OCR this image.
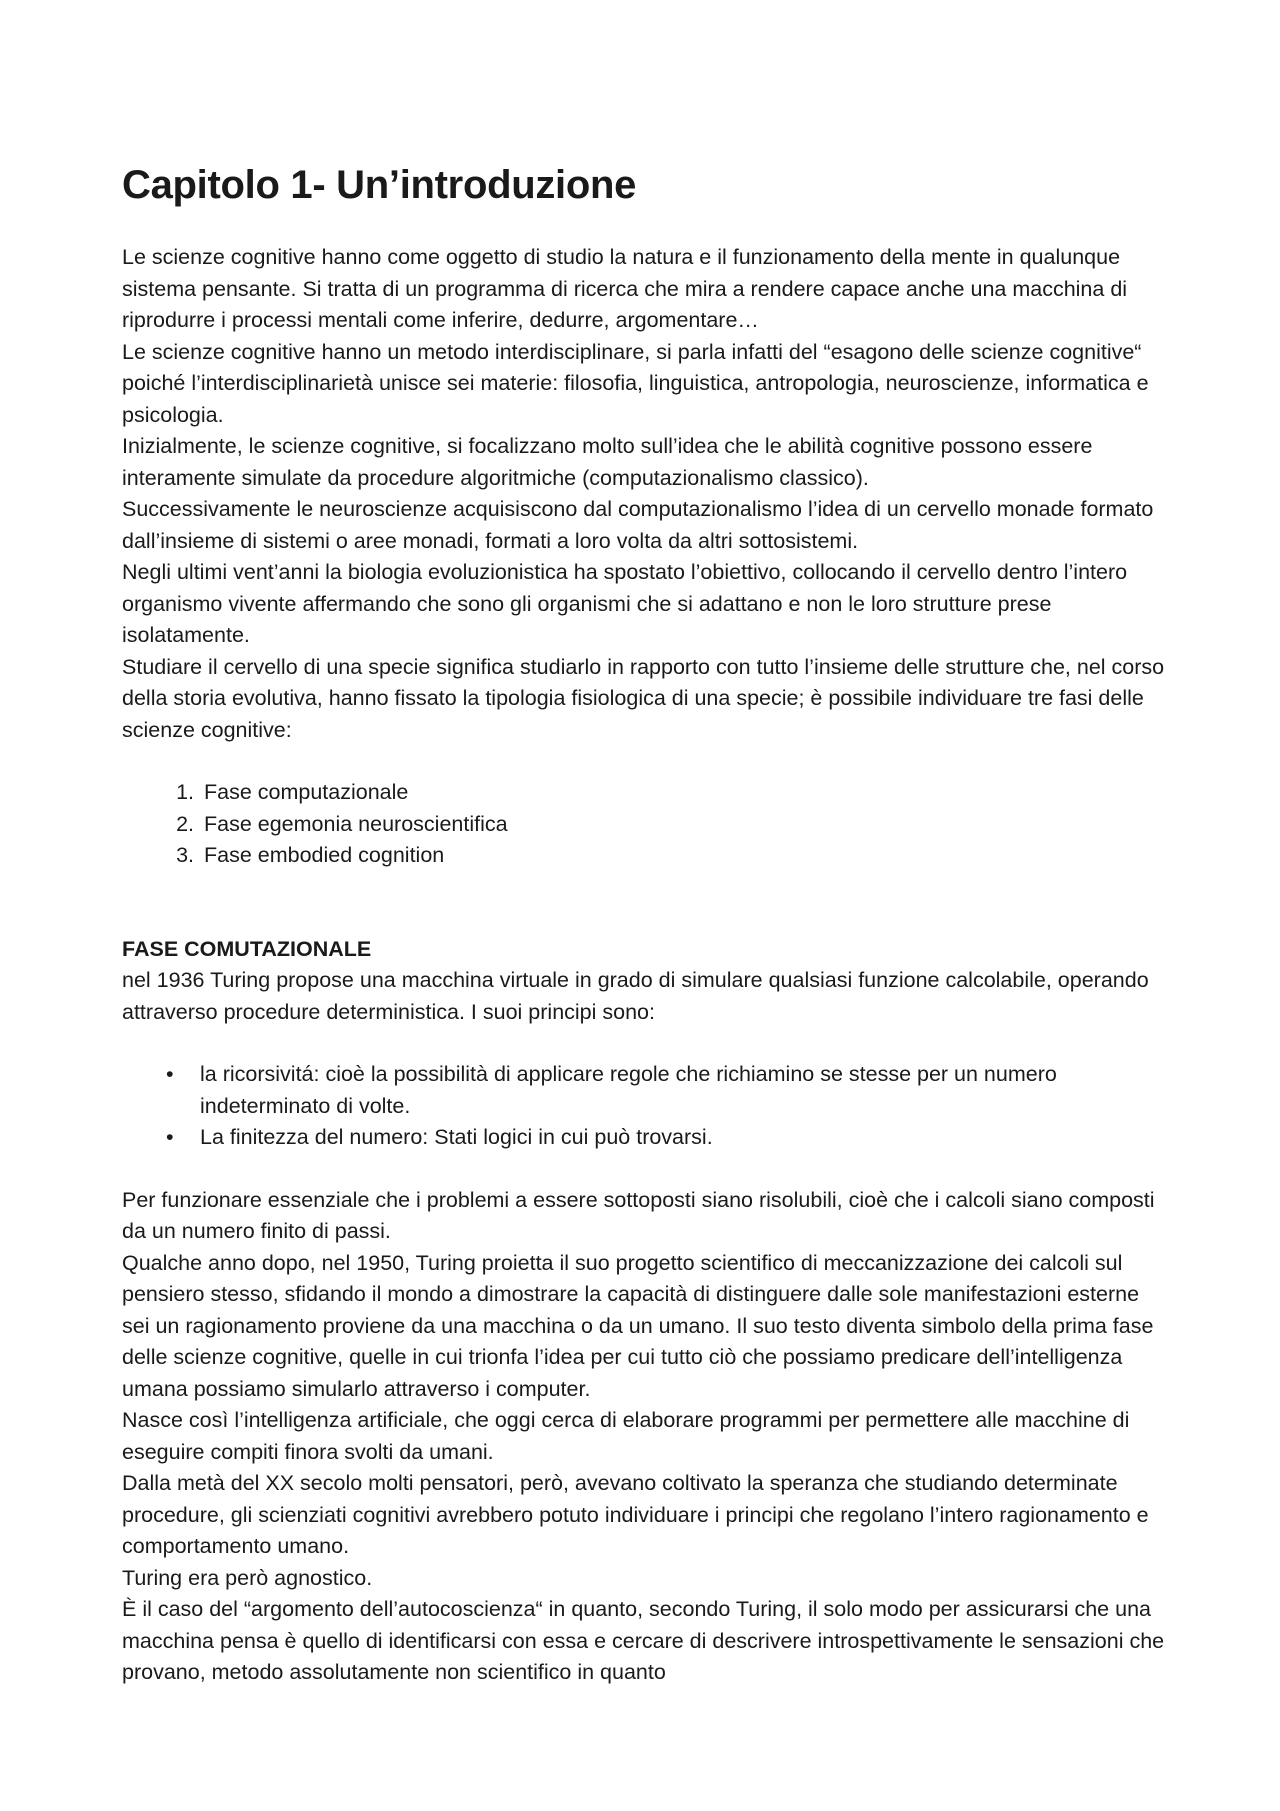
Capitolo 1- Un’introduzione

Le scienze cognitive hanno come oggetto di studio la natura e il funzionamento della mente in qualunque sistema pensante. Si tratta di un programma di ricerca che mira a rendere capace anche una macchina di riprodurre i processi mentali come inferire, dedurre, argomentare…

Le scienze cognitive hanno un metodo interdisciplinare, si parla infatti del “esagono delle scienze cognitive“ poiché l’interdisciplinarietà unisce sei materie: filosofia, linguistica, antropologia, neuroscienze, informatica e psicologia.

Inizialmente, le scienze cognitive, si focalizzano molto sull’idea che le abilità cognitive possono essere interamente simulate da procedure algoritmiche (computazionalismo classico).

Successivamente le neuroscienze acquisiscono dal computazionalismo l’idea di un cervello monade formato dall’insieme di sistemi o aree monadi, formati a loro volta da altri sottosistemi.

Negli ultimi vent’anni la biologia evoluzionistica ha spostato l’obiettivo, collocando il cervello dentro l’intero organismo vivente affermando che sono gli organismi che si adattano e non le loro strutture prese isolatamente.

Studiare il cervello di una specie significa studiarlo in rapporto con tutto l’insieme delle strutture che, nel corso della storia evolutiva, hanno fissato la tipologia fisiologica di una specie; è possibile individuare tre fasi delle scienze cognitive:

1. Fase computazionale
2. Fase egemonia neuroscientifica
3. Fase embodied cognition

FASE COMUTAZIONALE

nel 1936 Turing propose una macchina virtuale in grado di simulare qualsiasi funzione calcolabile, operando attraverso procedure deterministica. I suoi principi sono:

• la ricorsivitá: cioè la possibilità di applicare regole che richiamino se stesse per un numero indeterminato di volte.
• La finitezza del numero: Stati logici in cui può trovarsi.

Per funzionare essenziale che i problemi a essere sottoposti siano risolubili, cioè che i calcoli siano composti da un numero finito di passi.

Qualche anno dopo, nel 1950, Turing proietta il suo progetto scientifico di meccanizzazione dei calcoli sul pensiero stesso, sfidando il mondo a dimostrare la capacità di distinguere dalle sole manifestazioni esterne sei un ragionamento proviene da una macchina o da un umano. Il suo testo diventa simbolo della prima fase delle scienze cognitive, quelle in cui trionfa l’idea per cui tutto ciò che possiamo predicare dell’intelligenza umana possiamo simularlo attraverso i computer.

Nasce così l’intelligenza artificiale, che oggi cerca di elaborare programmi per permettere alle macchine di eseguire compiti finora svolti da umani.

Dalla metà del XX secolo molti pensatori, però, avevano coltivato la speranza che studiando determinate procedure, gli scienziati cognitivi avrebbero potuto individuare i principi che regolano l’intero ragionamento e comportamento umano.

Turing era però agnostico.

È il caso del “argomento dell’autocoscienza“ in quanto, secondo Turing, il solo modo per assicurarsi che una macchina pensa è quello di identificarsi con essa e cercare di descrivere introspettivamente le sensazioni che provano, metodo assolutamente non scientifico in quanto
